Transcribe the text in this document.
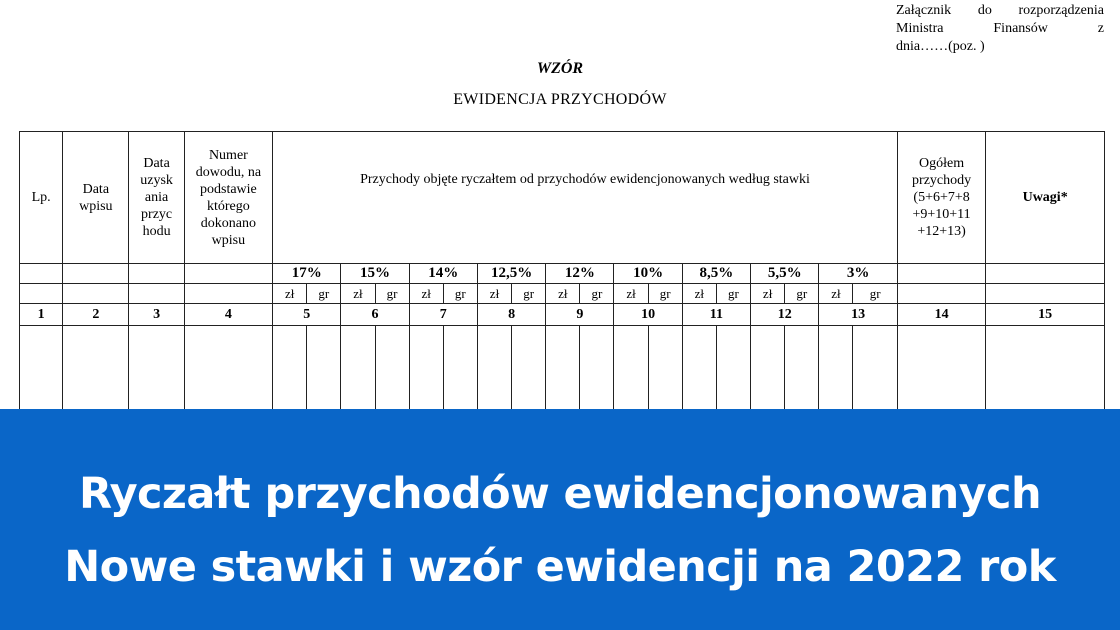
Załącznik do rozporządzenia
Ministra Finansów z
dnia……(poz. )
WZÓR
EWIDENCJA PRZYCHODÓW
Lp.	Data wpisu	Data uzysk ania przyc hodu	Numer dowodu, na podstawie którego dokonano wpisu	Przychody objęte ryczałtem od przychodów ewidencjonowanych według stawki																		Ogółem przychody (5+6+7+8 +9+10+11 +12+13)	Uwagi*
				17%		15%		14%		12,5%		12%		10%		8,5%		5,5%		3%			
				zł	gr	zł	gr	zł	gr	zł	gr	zł	gr	zł	gr	zł	gr	zł	gr	zł	gr		
1	2	3	4	5		6		7		8		9		10		11		12		13		14	15

Ryczałt przychodów ewidencjonowanych
Nowe stawki i wzór ewidencji na 2022 rok
